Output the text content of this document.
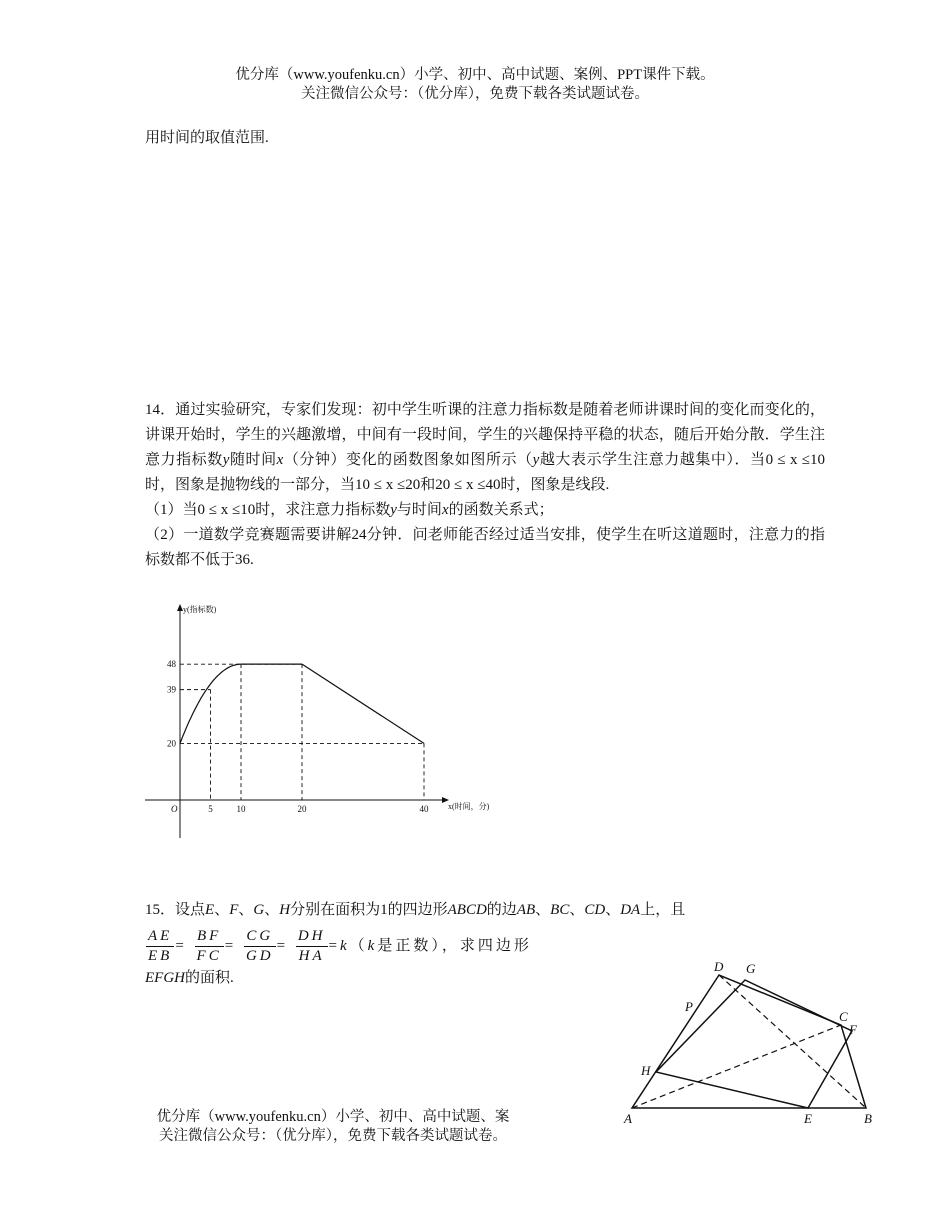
优分库（www.youfenku.cn）小学、初中、高中试题、案例、PPT课件下载。
关注微信公众号：（优分库），免费下载各类试题试卷。
用时间的取值范围.

14．通过实验研究，专家们发现：初中学生听课的注意力指标数是随着老师讲课时间的变化而变化的，讲课开始时，学生的兴趣激增，中间有一段时间，学生的兴趣保持平稳的状态，随后开始分散．学生注意力指标数y随时间x（分钟）变化的函数图象如图所示（y越大表示学生注意力越集中）．当0 ≤ x ≤10时，图象是抛物线的一部分，当10 ≤ x ≤20和20 ≤ x ≤40时，图象是线段.

（1）当0 ≤ x ≤10时，求注意力指标数y与时间x的函数关系式；

（2）一道数学竞赛题需要讲解24分钟．问老师能否经过适当安排，使学生在听这道题时，注意力的指标数都不低于36.

5	10	20	40
20
39
48
O
y(指标数)
x(时间，分)

15．设点E、F、G、H分别在面积为1的四边形ABCD的边AB、BC、CD、DA上，且

$\frac{AE}{EB} = \frac{BF}{FC} = \frac{CG}{GD} = \frac{DH}{HA} =k(k$是正数），求四边形

EFGH的面积.

D G
P
C
F
H
A	E	B
优分库（www.youfenku.cn）小学、初中、高中试题、案
关注微信公众号：（优分库），免费下载各类试题试卷。
